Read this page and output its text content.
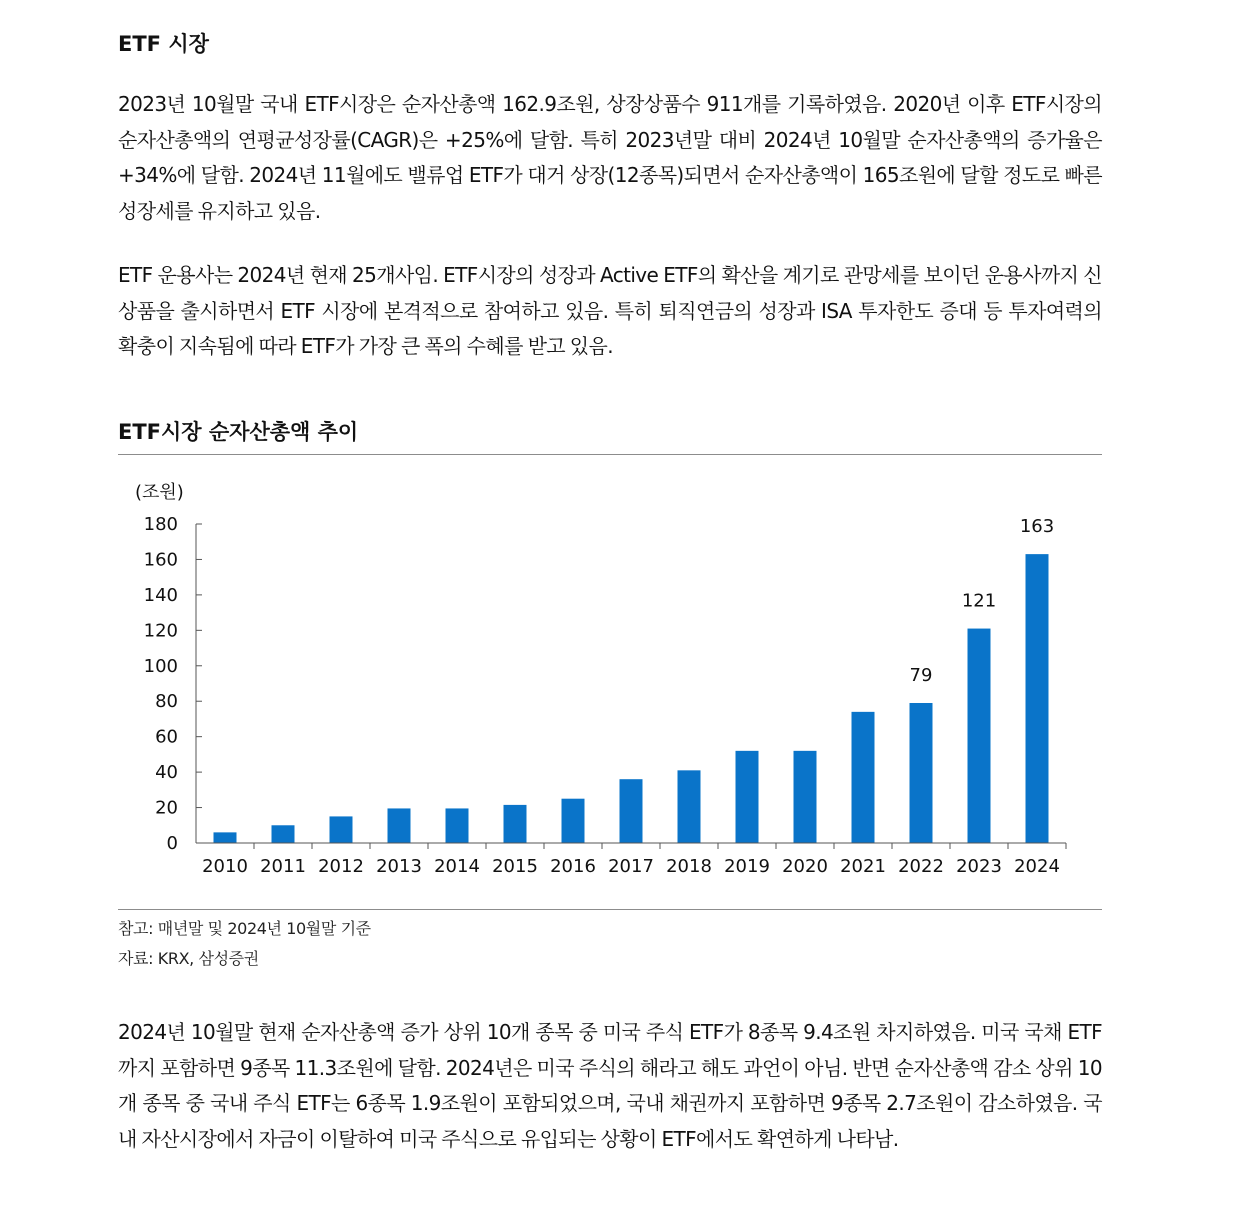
ETF 시장

2023년 10월말 국내 ETF시장은 순자산총액 162.9조원, 상장상품수 911개를 기록하였음. 2020년 이후 ETF시장의 순자산총액의 연평균성장률(CAGR)은 +25%에 달함. 특히 2023년말 대비 2024년 10월말 순자산총액의 증가율은 +34%에 달함. 2024년 11월에도 밸류업 ETF가 대거 상장(12종목)되면서 순자산총액이 165조원에 달할 정도로 빠른 성장세를 유지하고 있음.

ETF 운용사는 2024년 현재 25개사임. ETF시장의 성장과 Active ETF의 확산을 계기로 관망세를 보이던 운용사까지 신상품을 출시하면서 ETF 시장에 본격적으로 참여하고 있음. 특히 퇴직연금의 성장과 ISA 투자한도 증대 등 투자여력의 확충이 지속됨에 따라 ETF가 가장 큰 폭의 수혜를 받고 있음.

ETF시장 순자산총액 추이
(조원)
0
20
40
60
80
100
120
140
160
180
2010 2011 2012 2013 2014 2015 2016 2017 2018 2019 2020 2021 2022 2023 2024
79
121
163

참고: 매년말 및 2024년 10월말 기준

자료: KRX, 삼성증권

2024년 10월말 현재 순자산총액 증가 상위 10개 종목 중 미국 주식 ETF가 8종목 9.4조원 차지하였음. 미국 국채 ETF까지 포함하면 9종목 11.3조원에 달함. 2024년은 미국 주식의 해라고 해도 과언이 아님. 반면 순자산총액 감소 상위 10개 종목 중 국내 주식 ETF는 6종목 1.9조원이 포함되었으며, 국내 채권까지 포함하면 9종목 2.7조원이 감소하였음. 국내 자산시장에서 자금이 이탈하여 미국 주식으로 유입되는 상황이 ETF에서도 확연하게 나타남.
